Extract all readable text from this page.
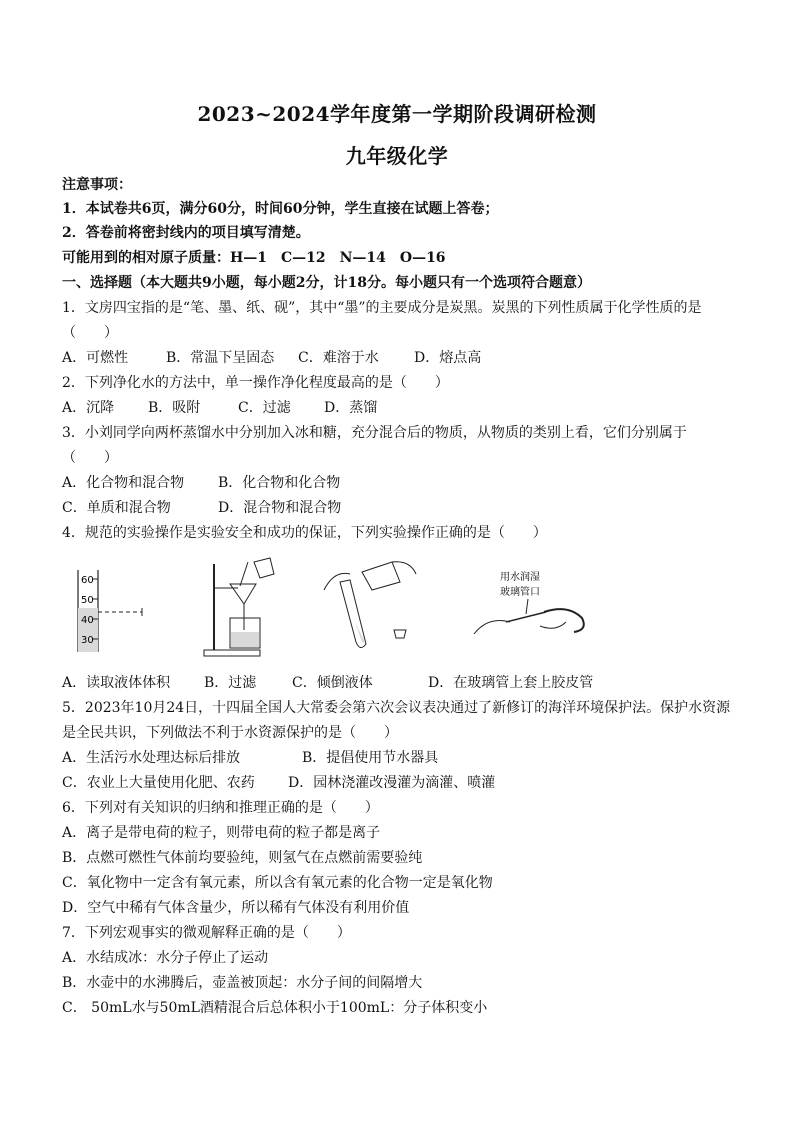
2023~2024学年度第一学期阶段调研检测
九年级化学
注意事项：
1．本试卷共6页，满分60分，时间60分钟，学生直接在试题上答卷；
2．答卷前将密封线内的项目填写清楚。
可能用到的相对原子质量：H—1　C—12　N—14　O—16
一、选择题（本大题共9小题，每小题2分，计18分。每小题只有一个选项符合题意）
1．文房四宝指的是“笔、墨、纸、砚”，其中“墨”的主要成分是炭黑。炭黑的下列性质属于化学性质的是
（　　）
A．可燃性	B．常温下呈固态 C．难溶于水	D．熔点高
2．下列净化水的方法中，单一操作净化程度最高的是（　　）
A．沉降 B．吸附	C．过滤 D．蒸馏
3．小刘同学向两杯蒸馏水中分别加入冰和糖，充分混合后的物质，从物质的类别上看，它们分别属于
（　　）
A．化合物和混合物 B．化合物和化合物
C．单质和混合物	D．混合物和混合物
4．规范的实验操作是实验安全和成功的保证，下列实验操作正确的是（　　）
60
50
40
30
用水润湿
玻璃管口
A．读取液体体积 B．过滤	C．倾倒液体	D．在玻璃管上套上胶皮管
5．2023年10月24日，十四届全国人大常委会第六次会议表决通过了新修订的海洋环境保护法。保护水资源
是全民共识，下列做法不利于水资源保护的是（　　）
A．生活污水处理达标后排放	B．提倡使用节水器具
C．农业上大量使用化肥、农药 D．园林浇灌改漫灌为滴灌、喷灌
6．下列对有关知识的归纳和推理正确的是（　　）
A．离子是带电荷的粒子，则带电荷的粒子都是离子
B．点燃可燃性气体前均要验纯，则氢气在点燃前需要验纯
C．氧化物中一定含有氧元素，所以含有氧元素的化合物一定是氧化物
D．空气中稀有气体含量少，所以稀有气体没有利用价值
7．下列宏观事实的微观解释正确的是（　　）
A．水结成冰：水分子停止了运动
B．水壶中的水沸腾后，壶盖被顶起：水分子间的间隔增大
C． 50mL水与50mL酒精混合后总体积小于100mL：分子体积变小
